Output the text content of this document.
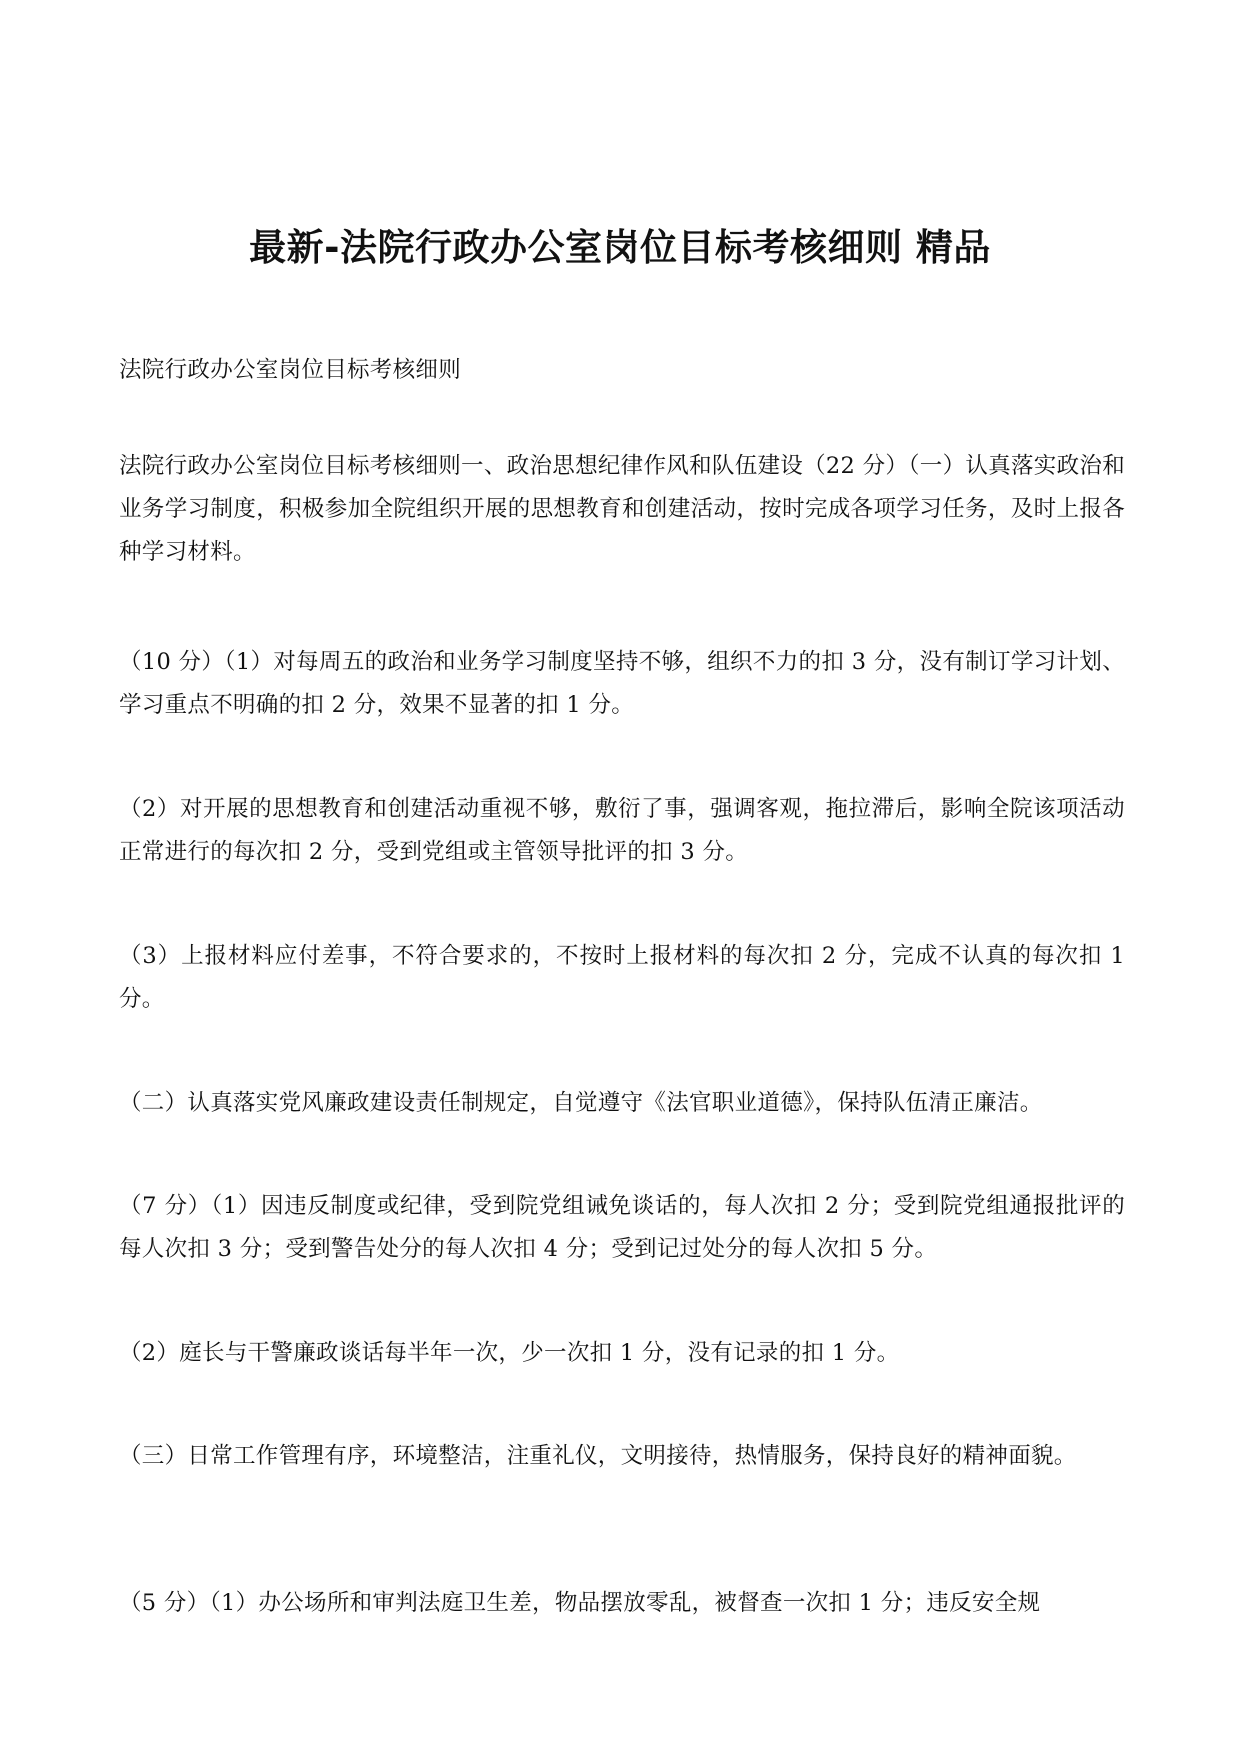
最新-法院行政办公室岗位目标考核细则 精品

法院行政办公室岗位目标考核细则

法院行政办公室岗位目标考核细则一、政治思想纪律作风和队伍建设（22 分）（一）认真落实政治和业务学习制度，积极参加全院组织开展的思想教育和创建活动，按时完成各项学习任务，及时上报各种学习材料。

（10 分）（1）对每周五的政治和业务学习制度坚持不够，组织不力的扣 3 分，没有制订学习计划、学习重点不明确的扣 2 分，效果不显著的扣 1 分。

（2）对开展的思想教育和创建活动重视不够，敷衍了事，强调客观，拖拉滞后，影响全院该项活动正常进行的每次扣 2 分，受到党组或主管领导批评的扣 3 分。

（3）上报材料应付差事，不符合要求的，不按时上报材料的每次扣 2 分，完成不认真的每次扣 1 分。

（二）认真落实党风廉政建设责任制规定，自觉遵守《法官职业道德》，保持队伍清正廉洁。

（7 分）（1）因违反制度或纪律，受到院党组诫免谈话的，每人次扣 2 分；受到院党组通报批评的每人次扣 3 分；受到警告处分的每人次扣 4 分；受到记过处分的每人次扣 5 分。

（2）庭长与干警廉政谈话每半年一次，少一次扣 1 分，没有记录的扣 1 分。

（三）日常工作管理有序，环境整洁，注重礼仪，文明接待，热情服务，保持良好的精神面貌。

（5 分）（1）办公场所和审判法庭卫生差，物品摆放零乱，被督查一次扣 1 分；违反安全规
